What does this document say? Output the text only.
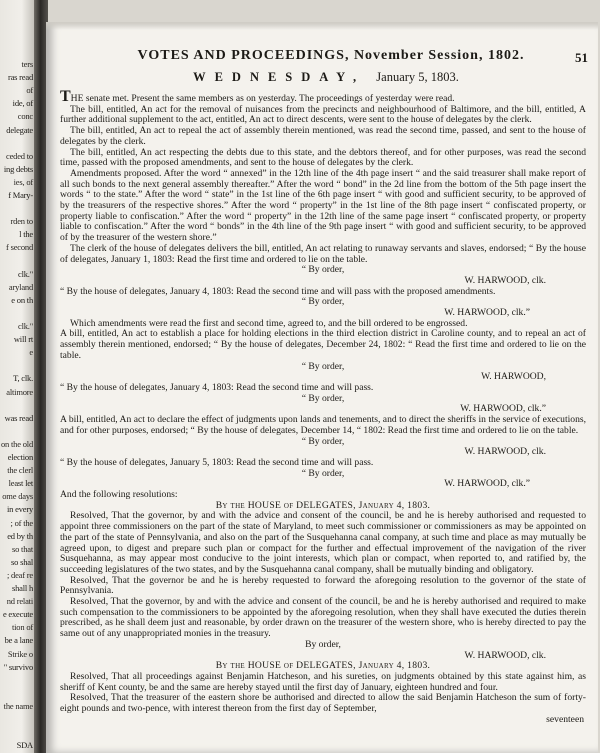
ters
ras read
of
ide, of
conc
delegate
ceded to
ing debts
ies, of
f Mary-
rden to
l the
f second
clk."
aryland
e on th
clk."
will rt
e
T, clk.
altimore
was read
on the old
election
the clerl
least let
ome days
in every
; of the
ed by th
so that
so shal
; deaf re
shall h
nd relati
e execute
tion of
be a lane
Strike o
" survivo
the name
SDA
VOTES AND PROCEEDINGS, November Session, 1802.	51
WEDNESDAY, January 5, 1803.

THE senate met. Present the same members as on yesterday. The proceedings of yesterday were read.

The bill, entitled, An act for the removal of nuisances from the precincts and neighbourhood of Baltimore, and the bill, entitled, A further additional supplement to the act, entitled, An act to direct descents, were sent to the house of delegates by the clerk.

The bill, entitled, An act to repeal the act of assembly therein mentioned, was read the second time, passed, and sent to the house of delegates by the clerk.

The bill, entitled, An act respecting the debts due to this state, and the debtors thereof, and for other purposes, was read the second time, passed with the proposed amendments, and sent to the house of delegates by the clerk.

Amendments proposed. After the word “ annexed” in the 12th line of the 4th page insert “ and the said treasurer shall make report of all such bonds to the next general assembly thereafter.” After the word “ bond” in the 2d line from the bottom of the 5th page insert the words “ to the state.” After the word “ state” in the 1st line of the 6th page insert “ with good and sufficient security, to be approved of by the treasurers of the respective shores.” After the word “ property” in the 1st line of the 8th page insert “ confiscated property, or property liable to confiscation.” After the word “ property” in the 12th line of the same page insert “ confiscated property, or property liable to confiscation.” After the word “ bonds” in the 4th line of the 9th page insert “ with good and sufficient security, to be approved of by the treasurer of the western shore.”

The clerk of the house of delegates delivers the bill, entitled, An act relating to runaway servants and slaves, endorsed; “ By the house of delegates, January 1, 1803: Read the first time and ordered to lie on the table.

“ By order,

W. HARWOOD, clk.

“ By the house of delegates, January 4, 1803: Read the second time and will pass with the proposed amendments.

“ By order,

W. HARWOOD, clk.”

Which amendments were read the first and second time, agreed to, and the bill ordered to be engrossed.

A bill, entitled, An act to establish a place for holding elections in the third election district in Caroline county, and to repeal an act of assembly therein mentioned, endorsed; “ By the house of delegates, December 24, 1802: “ Read the first time and ordered to lie on the table.

“ By order,

W. HARWOOD,

“ By the house of delegates, January 4, 1803: Read the second time and will pass.

“ By order,

W. HARWOOD, clk.”

A bill, entitled, An act to declare the effect of judgments upon lands and tenements, and to direct the sheriffs in the service of executions, and for other purposes, endorsed; “ By the house of delegates, December 14, “ 1802: Read the first time and ordered to lie on the table.

“ By order,

W. HARWOOD, clk.

“ By the house of delegates, January 5, 1803: Read the second time and will pass.

“ By order,

W. HARWOOD, clk.”

And the following resolutions:

By the HOUSE of DELEGATES, January 4, 1803.

Resolved, That the governor, by and with the advice and consent of the council, be and he is hereby authorised and requested to appoint three commissioners on the part of the state of Maryland, to meet such commissioner or commissioners as may be appointed on the part of the state of Pennsylvania, and also on the part of the Susquehanna canal company, at such time and place as may mutually be agreed upon, to digest and prepare such plan or compact for the further and effectual improvement of the navigation of the river Susquehanna, as may appear most conducive to the joint interests, which plan or compact, when reported to, and ratified by, the succeeding legislatures of the two states, and by the Susquehanna canal company, shall be mutually binding and obligatory.

Resolved, That the governor be and he is hereby requested to forward the aforegoing resolution to the governor of the state of Pennsylvania.

Resolved, That the governor, by and with the advice and consent of the council, be and he is hereby authorised and required to make such compensation to the commissioners to be appointed by the aforegoing resolution, when they shall have executed the duties therein prescribed, as he shall deem just and reasonable, by order drawn on the treasurer of the western shore, who is hereby directed to pay the same out of any unappropriated monies in the treasury.

By order,

W. HARWOOD, clk.

By the HOUSE of DELEGATES, January 4, 1803.

Resolved, That all proceedings against Benjamin Hatcheson, and his sureties, on judgments obtained by this state against him, as sheriff of Kent county, be and the same are hereby stayed until the first day of January, eighteen hundred and four.

Resolved, That the treasurer of the eastern shore be authorised and directed to allow the said Benjamin Hatcheson the sum of forty-eight pounds and two-pence, with interest thereon from the first day of September,

seventeen
